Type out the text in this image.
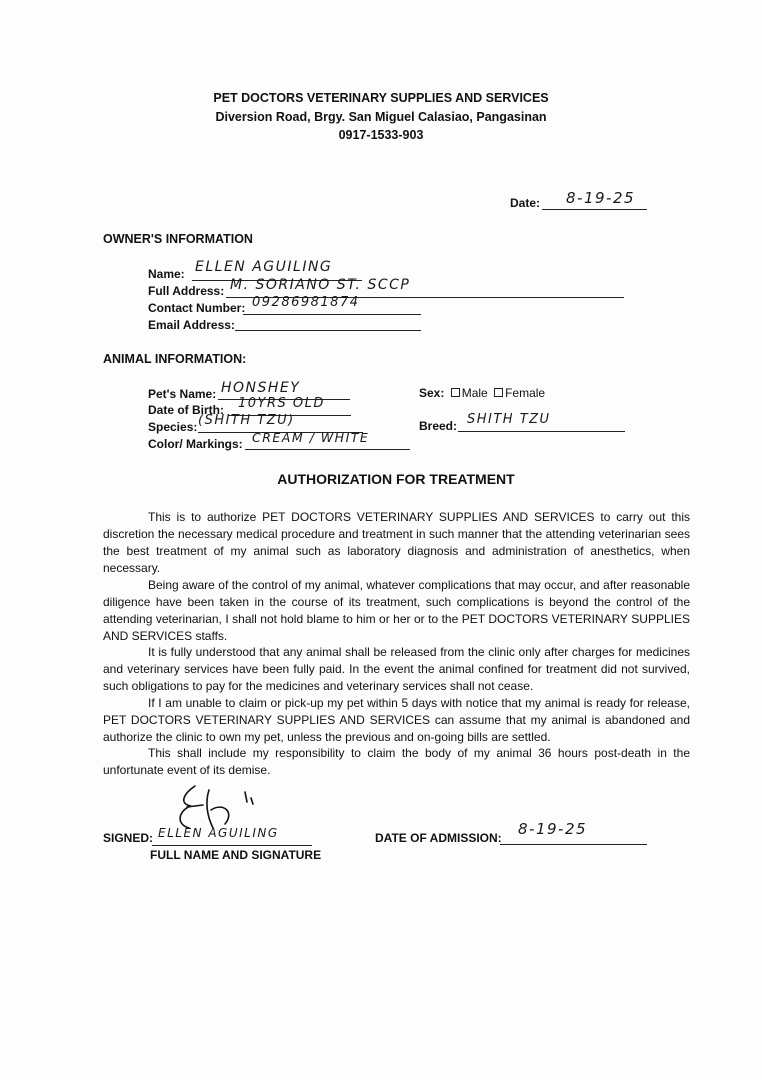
PET DOCTORS VETERINARY SUPPLIES AND SERVICES
Diversion Road, Brgy. San Miguel Calasiao, Pangasinan
0917-1533-903
Date: 8-19-25
OWNER'S INFORMATION
Name: ELLEN AGUILING
Full Address: M. SORIANO ST. SCCP
Contact Number: 09286981874
Email Address:
ANIMAL INFORMATION:
Pet's Name: HONSHEY
Date of Birth: 10YRS OLD
Species: (SHITH TZU)
Color/ Markings: CREAM / WHITE
Sex: Male Female
Breed: SHITH TZU
AUTHORIZATION FOR TREATMENT

This is to authorize PET DOCTORS VETERINARY SUPPLIES AND SERVICES to carry out this discretion the necessary medical procedure and treatment in such manner that the attending veterinarian sees the best treatment of my animal such as laboratory diagnosis and administration of anesthetics, when necessary.

Being aware of the control of my animal, whatever complications that may occur, and after reasonable diligence have been taken in the course of its treatment, such complications is beyond the control of the attending veterinarian, I shall not hold blame to him or her or to the PET DOCTORS VETERINARY SUPPLIES AND SERVICES staffs.

It is fully understood that any animal shall be released from the clinic only after charges for medicines and veterinary services have been fully paid. In the event the animal confined for treatment did not survived, such obligations to pay for the medicines and veterinary services shall not cease.

If I am unable to claim or pick-up my pet within 5 days with notice that my animal is ready for release, PET DOCTORS VETERINARY SUPPLIES AND SERVICES can assume that my animal is abandoned and authorize the clinic to own my pet, unless the previous and on-going bills are settled.

This shall include my responsibility to claim the body of my animal 36 hours post-death in the unfortunate event of its demise.

SIGNED: ELLEN AGUILING
FULL NAME AND SIGNATURE
DATE OF ADMISSION: 8-19-25
